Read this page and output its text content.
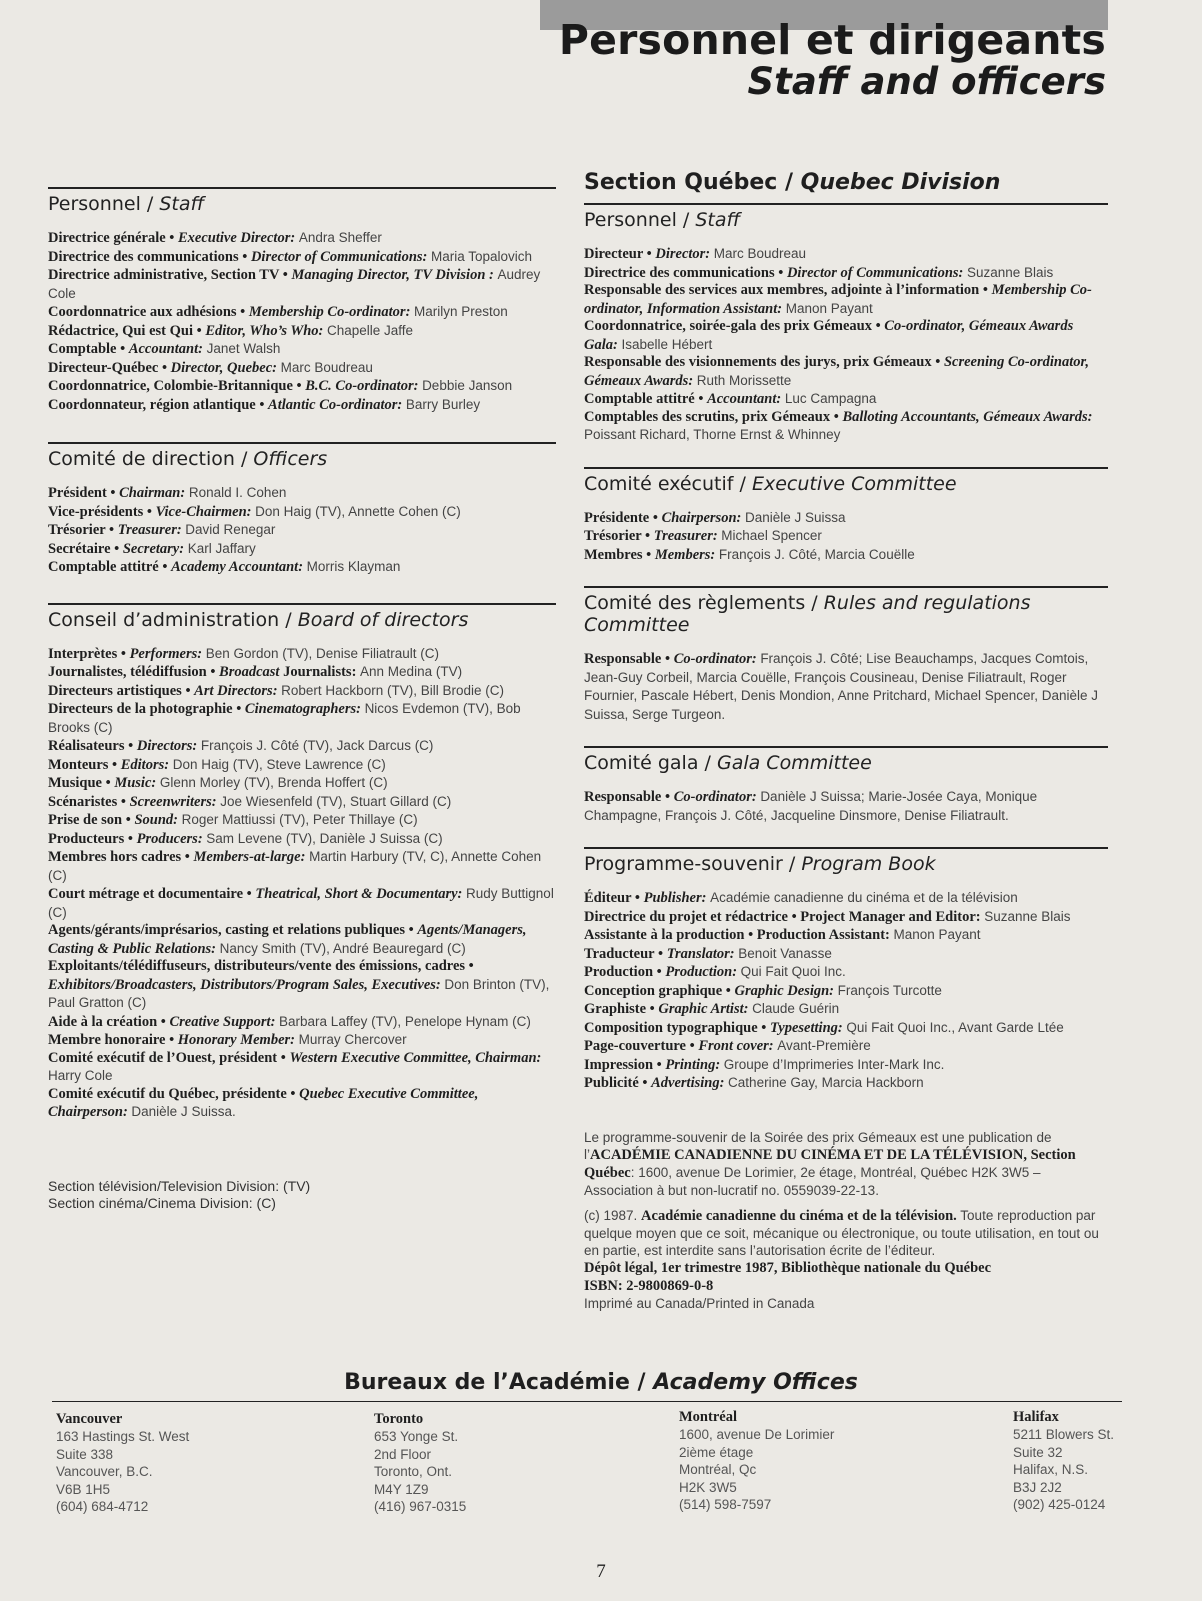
Personnel et dirigeants
Staff and officers
Personnel / Staff
Directrice générale • Executive Director: Andra Sheffer
Directrice des communications • Director of Communications: Maria Topalovich
Directrice administrative, Section TV • Managing Director, TV Division : Audrey Cole
Coordonnatrice aux adhésions • Membership Co-ordinator: Marilyn Preston
Rédactrice, Qui est Qui • Editor, Who’s Who: Chapelle Jaffe
Comptable • Accountant: Janet Walsh
Directeur-Québec • Director, Quebec: Marc Boudreau
Coordonnatrice, Colombie-Britannique • B.C. Co-ordinator: Debbie Janson
Coordonnateur, région atlantique • Atlantic Co-ordinator: Barry Burley
Comité de direction / Officers
Président • Chairman: Ronald I. Cohen
Vice-présidents • Vice-Chairmen: Don Haig (TV), Annette Cohen (C)
Trésorier • Treasurer: David Renegar
Secrétaire • Secretary: Karl Jaffary
Comptable attitré • Academy Accountant: Morris Klayman
Conseil d’administration / Board of directors
Interprètes • Performers: Ben Gordon (TV), Denise Filiatrault (C)
Journalistes, télédiffusion • Broadcast Journalists: Ann Medina (TV)
Directeurs artistiques • Art Directors: Robert Hackborn (TV), Bill Brodie (C)
Directeurs de la photographie • Cinematographers: Nicos Evdemon (TV), Bob Brooks (C)
Réalisateurs • Directors: François J. Côté (TV), Jack Darcus (C)
Monteurs • Editors: Don Haig (TV), Steve Lawrence (C)
Musique • Music: Glenn Morley (TV), Brenda Hoffert (C)
Scénaristes • Screenwriters: Joe Wiesenfeld (TV), Stuart Gillard (C)
Prise de son • Sound: Roger Mattiussi (TV), Peter Thillaye (C)
Producteurs • Producers: Sam Levene (TV), Danièle J Suissa (C)
Membres hors cadres • Members-at-large: Martin Harbury (TV, C), Annette Cohen (C)
Court métrage et documentaire • Theatrical, Short & Documentary: Rudy Buttignol (C)
Agents/gérants/imprésarios, casting et relations publiques • Agents/Managers, Casting & Public Relations: Nancy Smith (TV), André Beauregard (C)
Exploitants/télédiffuseurs, distributeurs/vente des émissions, cadres • Exhibitors/Broadcasters, Distributors/Program Sales, Executives: Don Brinton (TV), Paul Gratton (C)
Aide à la création • Creative Support: Barbara Laffey (TV), Penelope Hynam (C)
Membre honoraire • Honorary Member: Murray Chercover
Comité exécutif de l’Ouest, président • Western Executive Committee, Chairman: Harry Cole
Comité exécutif du Québec, présidente • Quebec Executive Committee, Chairperson: Danièle J Suissa.
Section télévision/Television Division: (TV)
Section cinéma/Cinema Division: (C)
Section Québec / Quebec Division
Personnel / Staff
Directeur • Director: Marc Boudreau
Directrice des communications • Director of Communications: Suzanne Blais
Responsable des services aux membres, adjointe à l’information • Membership Co-ordinator, Information Assistant: Manon Payant
Coordonnatrice, soirée-gala des prix Gémeaux • Co-ordinator, Gémeaux Awards Gala: Isabelle Hébert
Responsable des visionnements des jurys, prix Gémeaux • Screening Co-ordinator, Gémeaux Awards: Ruth Morissette
Comptable attitré • Accountant: Luc Campagna
Comptables des scrutins, prix Gémeaux • Balloting Accountants, Gémeaux Awards: Poissant Richard, Thorne Ernst & Whinney
Comité exécutif / Executive Committee
Présidente • Chairperson: Danièle J Suissa
Trésorier • Treasurer: Michael Spencer
Membres • Members: François J. Côté, Marcia Couëlle
Comité des règlements / Rules and regulations Committee
Responsable • Co-ordinator: François J. Côté; Lise Beauchamps, Jacques Comtois, Jean-Guy Corbeil, Marcia Couëlle, François Cousineau, Denise Filiatrault, Roger Fournier, Pascale Hébert, Denis Mondion, Anne Pritchard, Michael Spencer, Danièle J Suissa, Serge Turgeon.
Comité gala / Gala Committee
Responsable • Co-ordinator: Danièle J Suissa; Marie-Josée Caya, Monique Champagne, François J. Côté, Jacqueline Dinsmore, Denise Filiatrault.
Programme-souvenir / Program Book
Éditeur • Publisher: Académie canadienne du cinéma et de la télévision
Directrice du projet et rédactrice • Project Manager and Editor: Suzanne Blais
Assistante à la production • Production Assistant: Manon Payant
Traducteur • Translator: Benoit Vanasse
Production • Production: Qui Fait Quoi Inc.
Conception graphique • Graphic Design: François Turcotte
Graphiste • Graphic Artist: Claude Guérin
Composition typographique • Typesetting: Qui Fait Quoi Inc., Avant Garde Ltée
Page-couverture • Front cover: Avant-Première
Impression • Printing: Groupe d’Imprimeries Inter-Mark Inc.
Publicité • Advertising: Catherine Gay, Marcia Hackborn
Le programme-souvenir de la Soirée des prix Gémeaux est une publication de l’ACADÉMIE CANADIENNE DU CINÉMA ET DE LA TÉLÉVISION, Section Québec: 1600, avenue De Lorimier, 2e étage, Montréal, Québec H2K 3W5 – Association à but non-lucratif no. 0559039-22-13.
(c) 1987. Académie canadienne du cinéma et de la télévision. Toute reproduction par quelque moyen que ce soit, mécanique ou électronique, ou toute utilisation, en tout ou en partie, est interdite sans l’autorisation écrite de l’éditeur.
Dépôt légal, 1er trimestre 1987, Bibliothèque nationale du Québec
ISBN: 2-9800869-0-8
Imprimé au Canada/Printed in Canada
Bureaux de l’Académie / Academy Offices
Vancouver
163 Hastings St. West
Suite 338
Vancouver, B.C.
V6B 1H5
(604) 684-4712
Toronto
653 Yonge St.
2nd Floor
Toronto, Ont.
M4Y 1Z9
(416) 967-0315
Montréal
1600, avenue De Lorimier
2ième étage
Montréal, Qc
H2K 3W5
(514) 598-7597
Halifax
5211 Blowers St.
Suite 32
Halifax, N.S.
B3J 2J2
(902) 425-0124
7
